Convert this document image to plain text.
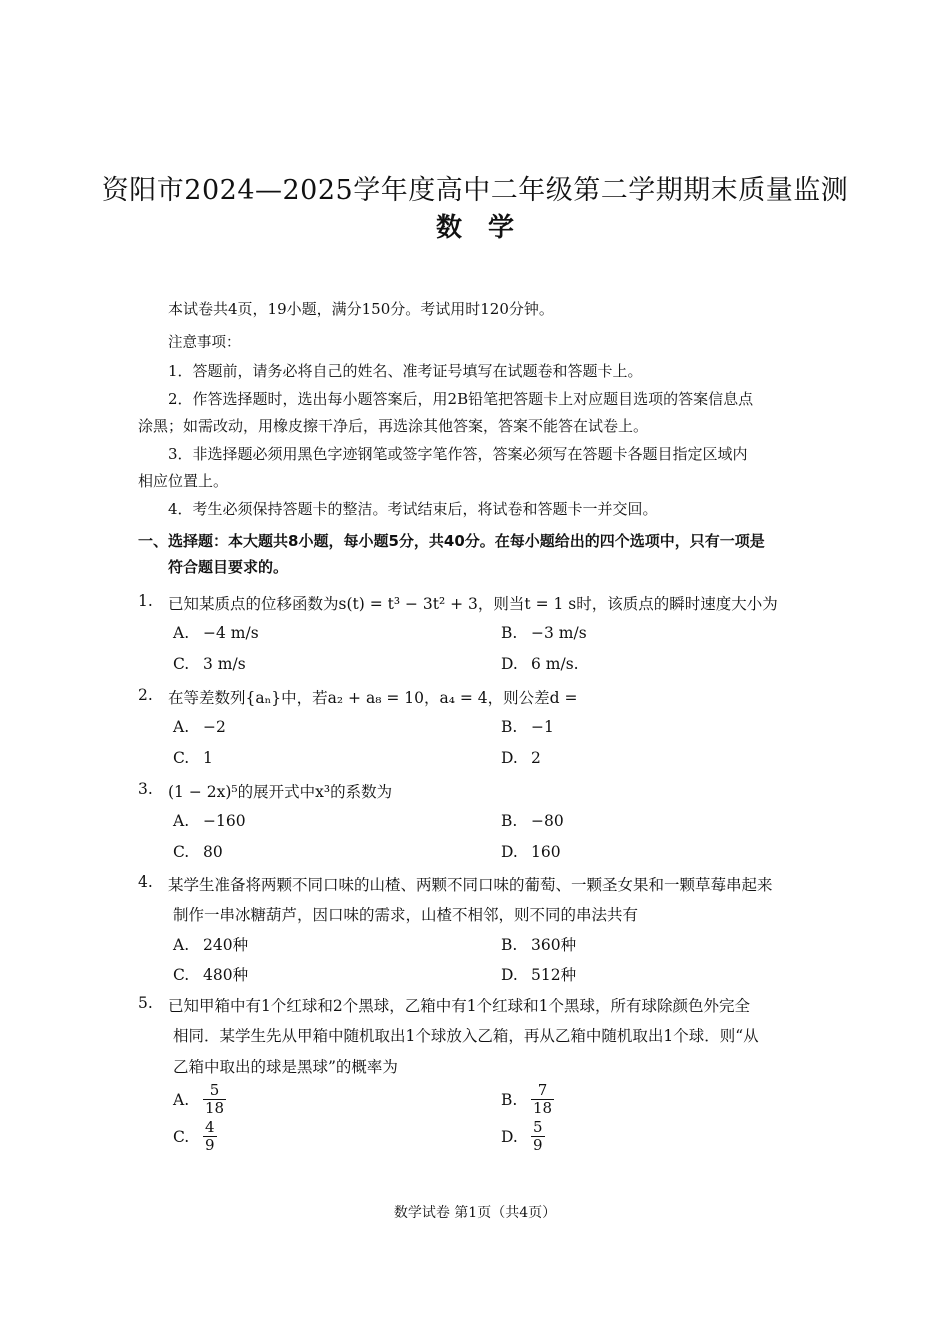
资阳市2024—2025学年度高中二年级第二学期期末质量监测
数学
本试卷共4页，19小题，满分150分。考试用时120分钟。
注意事项：
1．答题前，请务必将自己的姓名、准考证号填写在试题卷和答题卡上。
2．作答选择题时，选出每小题答案后，用2B铅笔把答题卡上对应题目选项的答案信息点
涂黑；如需改动，用橡皮擦干净后，再选涂其他答案，答案不能答在试卷上。
3．非选择题必须用黑色字迹钢笔或签字笔作答，答案必须写在答题卡各题目指定区域内
相应位置上。
4．考生必须保持答题卡的整洁。考试结束后，将试卷和答题卡一并交回。
一、选择题：本大题共8小题，每小题5分，共40分。在每小题给出的四个选项中，只有一项是
符合题目要求的。
1. 已知某质点的位移函数为s(t) = t³ − 3t² + 3，则当t = 1 s时，该质点的瞬时速度大小为
A. −4 m/s	B. −3 m/s
C. 3 m/s	D. 6 m/s.
2. 在等差数列{aₙ}中，若a₂ + a₈ = 10，a₄ = 4，则公差d =
A. −2	B. −1
C. 1	D. 2
3. (1 − 2x)⁵的展开式中x³的系数为
A. −160	B. −80
C. 80	D. 160
4. 某学生准备将两颗不同口味的山楂、两颗不同口味的葡萄、一颗圣女果和一颗草莓串起来
制作一串冰糖葫芦，因口味的需求，山楂不相邻，则不同的串法共有
A. 240种	B. 360种
C. 480种	D. 512种
5. 已知甲箱中有1个红球和2个黑球，乙箱中有1个红球和1个黑球，所有球除颜色外完全
相同．某学生先从甲箱中随机取出1个球放入乙箱，再从乙箱中随机取出1个球．则“从
乙箱中取出的球是黑球”的概率为
A. $\frac{5}{18}$	B. $\frac{7}{18}$
C. $\frac{4}{9}$	D. $\frac{5}{9}$
数学试卷 第1页（共4页）
